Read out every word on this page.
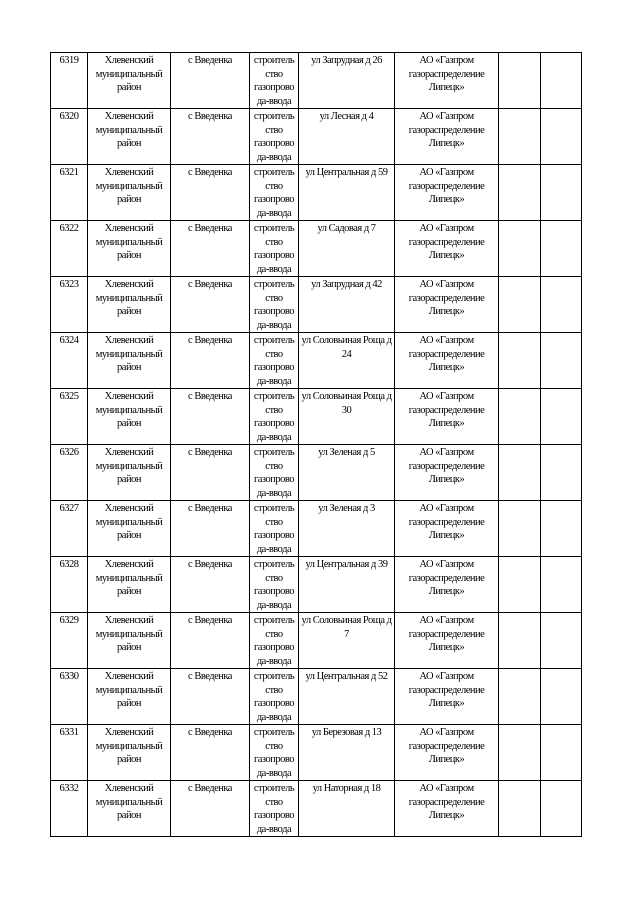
6319	Хлевенский муниципальный район	с Введенка	строитель ство газопрово да-ввода	ул Запрудная д 26	АО «Газпром газораспределение Липецк»		
6320	Хлевенский муниципальный район	с Введенка	строитель ство газопрово да-ввода	ул Лесная д 4	АО «Газпром газораспределение Липецк»		
6321	Хлевенский муниципальный район	с Введенка	строитель ство газопрово да-ввода	ул Центральная д 59	АО «Газпром газораспределение Липецк»		
6322	Хлевенский муниципальный район	с Введенка	строитель ство газопрово да-ввода	ул Садовая д 7	АО «Газпром газораспределение Липецк»		
6323	Хлевенский муниципальный район	с Введенка	строитель ство газопрово да-ввода	ул Запрудная д 42	АО «Газпром газораспределение Липецк»		
6324	Хлевенский муниципальный район	с Введенка	строитель ство газопрово да-ввода	ул Соловьиная Роща д 24	АО «Газпром газораспределение Липецк»		
6325	Хлевенский муниципальный район	с Введенка	строитель ство газопрово да-ввода	ул Соловьиная Роща д 30	АО «Газпром газораспределение Липецк»		
6326	Хлевенский муниципальный район	с Введенка	строитель ство газопрово да-ввода	ул Зеленая д 5	АО «Газпром газораспределение Липецк»		
6327	Хлевенский муниципальный район	с Введенка	строитель ство газопрово да-ввода	ул Зеленая д 3	АО «Газпром газораспределение Липецк»		
6328	Хлевенский муниципальный район	с Введенка	строитель ство газопрово да-ввода	ул Центральная д 39	АО «Газпром газораспределение Липецк»		
6329	Хлевенский муниципальный район	с Введенка	строитель ство газопрово да-ввода	ул Соловьиная Роща д 7	АО «Газпром газораспределение Липецк»		
6330	Хлевенский муниципальный район	с Введенка	строитель ство газопрово да-ввода	ул Центральная д 52	АО «Газпром газораспределение Липецк»		
6331	Хлевенский муниципальный район	с Введенка	строитель ство газопрово да-ввода	ул Березовая д 13	АО «Газпром газораспределение Липецк»		
6332	Хлевенский муниципальный район	с Введенка	строитель ство газопрово да-ввода	ул Наторная д 18	АО «Газпром газораспределение Липецк»		
